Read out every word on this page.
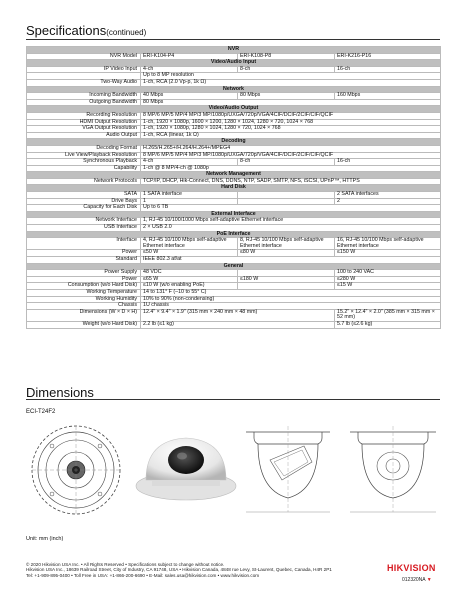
Specifications(continued)
NVR			
NVR Model	ERI-K104-P4	ERI-K108-P8	ERI-K216-P16
Video/Audio Input			
IP Video Input	4-ch	8-ch	16-ch
	Up to 8 MP resolution		
Two-Way Audio	1-ch, RCA (2.0 Vp-p, 1k Ω)		
Network			
Incoming Bandwidth	40 Mbps	80 Mbps	160 Mbps
Outgoing Bandwidth	80 Mbps		
Video/Audio Output			
Recording Resolution	8 MP/6 MP/5 MP/4 MP/3 MP/1080p/UXGA/720p/VGA/4CIF/DCIF/2CIF/CIF/QCIF		
HDMI Output Resolution	1-ch, 1920 × 1080p, 1600 × 1200, 1280 × 1024, 1280 × 720, 1024 × 768		
VGA Output Resolution	1-ch, 1920 × 1080p, 1280 × 1024, 1280 × 720, 1024 × 768		
Audio Output	1-ch, RCA (linear, 1k Ω)		
Decoding			
Decoding Format	H.265/H.265+/H.264/H.264+/MPEG4		
Live View/Playback Resolution	8 MP/6 MP/5 MP/4 MP/3 MP/1080p/UXGA/720p/VGA/4CIF/DCIF/2CIF/CIF/QCIF		
Synchronous Playback	4-ch	8-ch	16-ch
Capability	1-ch @ 8 MP/4-ch @ 1080p		
Network Management			
Network Protocols	TCP/IP, DHCP, Hik-Connect, DNS, DDNS, NTP, SADP, SMTP, NFS, iSCSI, UPnP™, HTTPS		
Hard Disk			
SATA	1 SATA interface		2 SATA interfaces
Drive Bays	1		2
Capacity for Each Disk	Up to 6 TB		
External Interface			
Network Interface	1, RJ-45 10/100/1000 Mbps self-adaptive Ethernet interface		
USB Interface	2 × USB 2.0		
PoE Interface			
Interface	4, RJ-45 10/100 Mbps self-adaptive Ethernet interface	8, RJ-45 10/100 Mbps self-adaptive Ethernet interface	16, RJ-45 10/100 Mbps self-adaptive Ethernet interface
Power	≤50 W	≤80 W	≤150 W
Standard	IEEE 802.3 af/at		
General			
Power Supply	48 VDC		100 to 240 VAC
Power	≤65 W	≤180 W	≤280 W
Consumption (w/o Hard Disk)	≤10 W (w/o enabling PoE)		≤15 W
Working Temperature	14 to 131° F (–10 to 55° C)		
Working Humidity	10% to 90% (non-condensing)		
Chassis	1U chassis		
Dimensions (W × D × H)	12.4" × 9.4" × 1.9" (315 mm × 240 mm × 48 mm)		15.2" × 12.4" × 2.0" (385 mm × 315 mm × 52 mm)
Weight (w/o Hard Disk)	2.2 lb (≤1 kg)		5.7 lb (≤2.6 kg)
Dimensions
ECI-T24F2
Unit: mm (inch)
© 2020 Hikvision USA Inc. • All Rights Reserved • Specifications subject to change without notice.
Hikvision USA Inc., 18639 Railroad Street, City of Industry, CA 91748, USA • Hikvision Canada, 4848 rue Levy, St-Laurent, Quebec, Canada, H4R 2P1
Tel: +1-909-895-0400 • Toll Free in USA: +1-866-200-6690 • E-Mail: sales.usa@hikvision.com • www.hikvision.com
HIKVISION
012320NA ▼
